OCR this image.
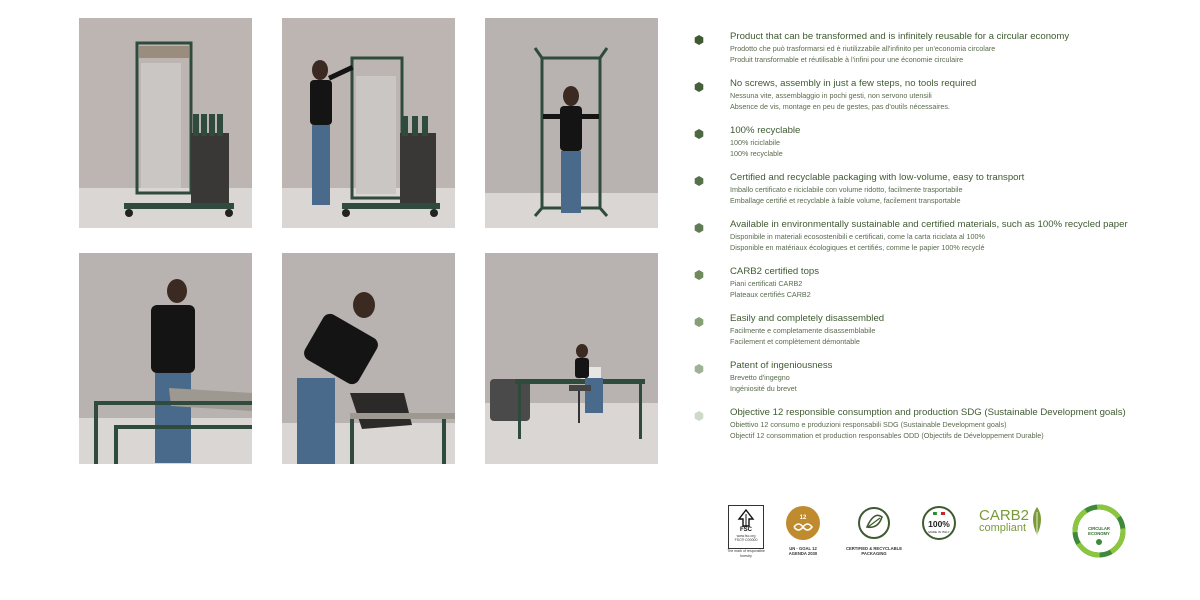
Product that can be transformed and is infinitely reusable for a circular economy
Prodotto che può trasformarsi ed è riutilizzabile all'infinito per un'economia circolare
Produit transformable et réutilisable à l'infini pour une économie circulaire
No screws, assembly in just a few steps, no tools required
Nessuna vite, assemblaggio in pochi gesti, non servono utensili
Absence de vis, montage en peu de gestes, pas d'outils nécessaires.
100% recyclable
100% riciclabile
100% recyclable
Certified and recyclable packaging with low-volume, easy to transport
Imballo certificato e riciclabile con volume ridotto, facilmente trasportabile
Emballage certifié et recyclable à faible volume, facilement transportable
Available in environmentally sustainable and certified materials, such as 100% recycled paper
Disponibile in materiali ecosostenibili e certificati, come la carta riciclata al 100%
Disponible en matériaux écologiques et certifiés, comme le papier 100% recyclé
CARB2 certified tops
Piani certificati CARB2
Plateaux certifiés CARB2
Easily and completely disassembled
Facilmente e completamente disassemblabile
Facilement et complètement démontable
Patent of ingeniousness
Brevetto d'ingegno
Ingéniosité du brevet
Objective 12 responsible consumption and production SDG (Sustainable Development goals)
Obiettivo 12 consumo e produzioni responsabili SDG (Sustainable Development goals)
Objectif 12 consommation et production responsables ODD (Objectifs de Développement Durable)
FSC
www.fsc.org
FSC® C00000
The mark of responsible forestry
12
UN - GOAL 12 AGENDA 2030
CERTIFIED & RECYCLABLE PACKAGING
100%
MADE IN ITALY
CARB2
compliant	CIRCULAR
ECONOMY
